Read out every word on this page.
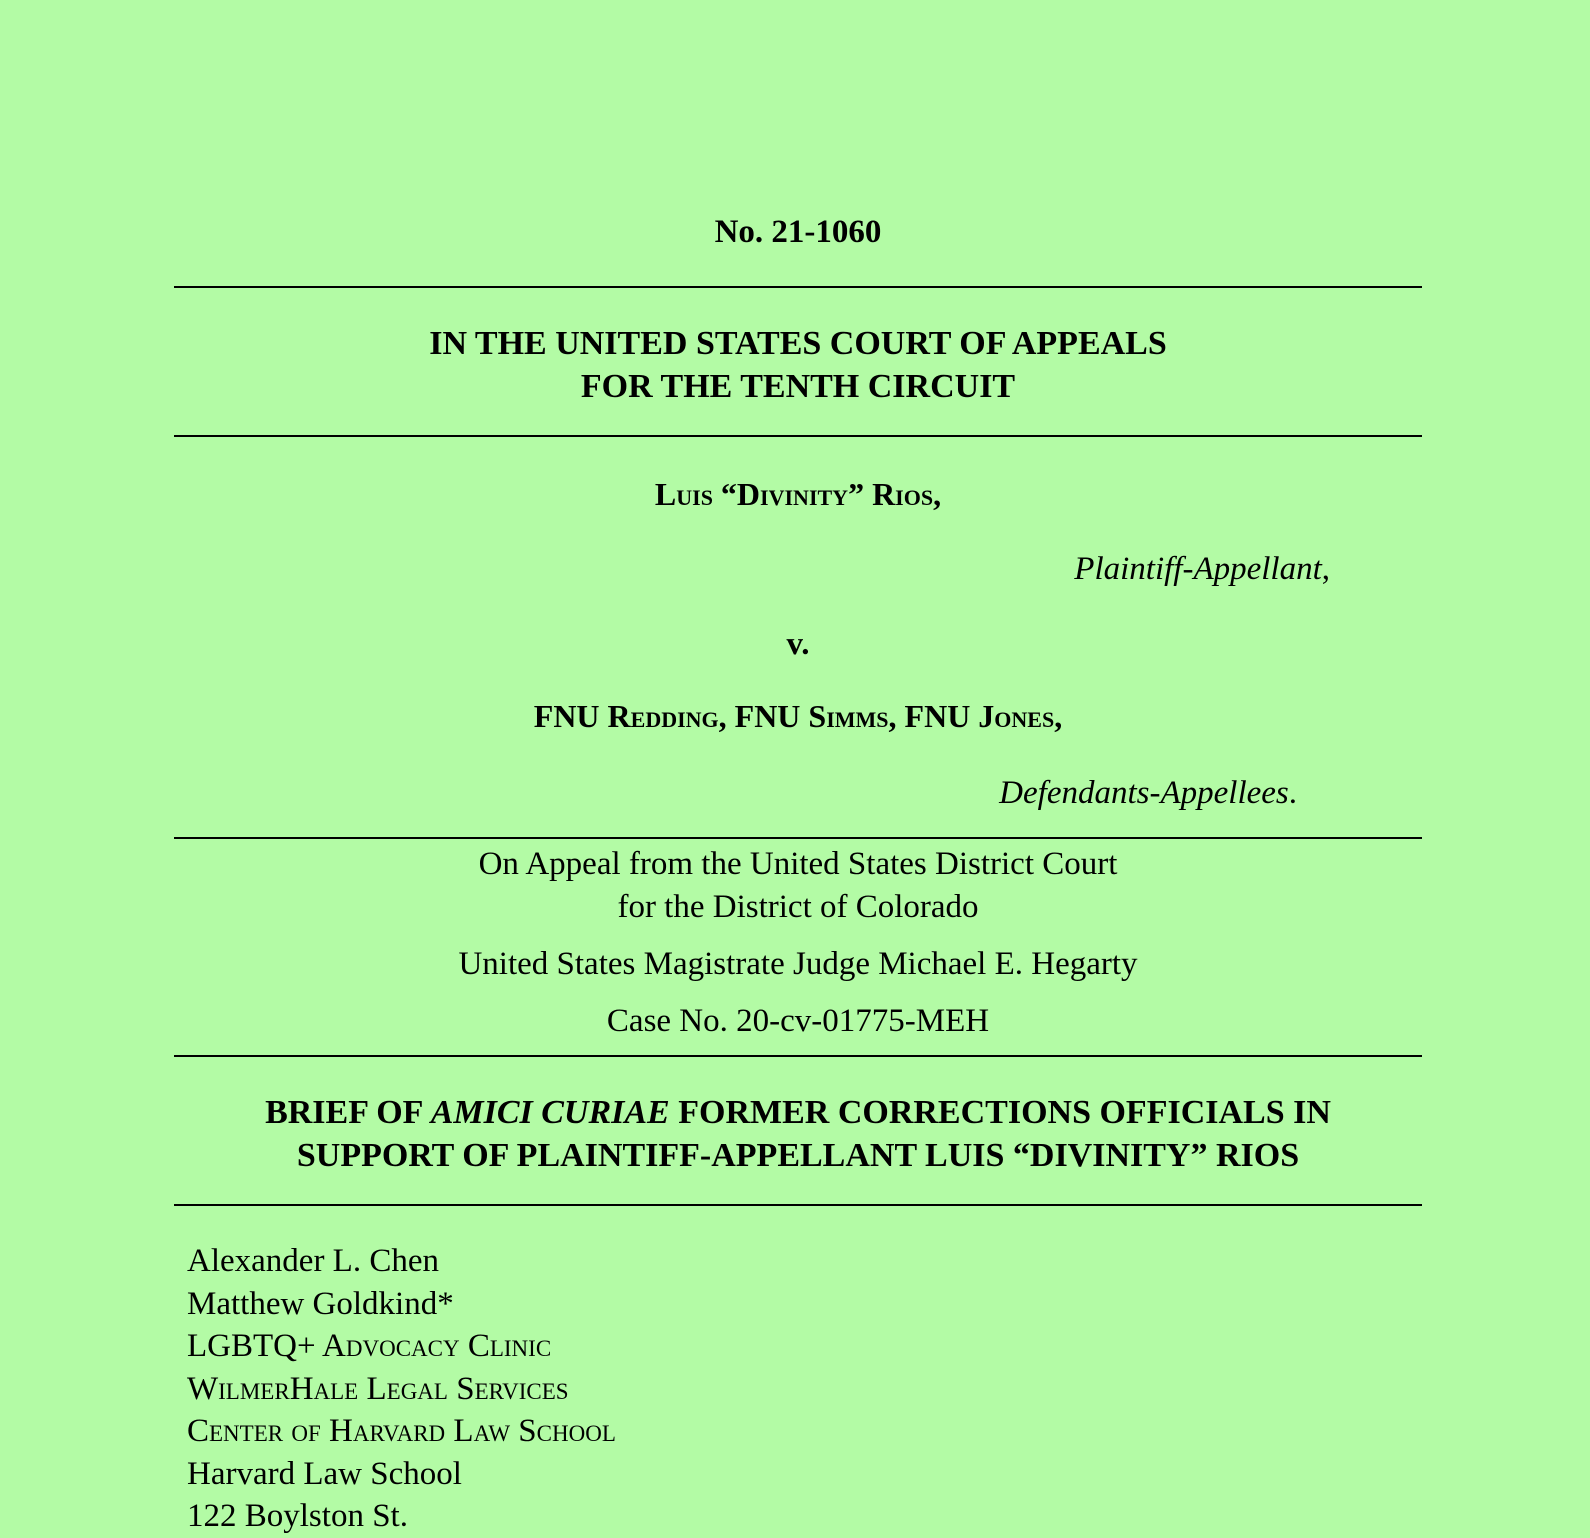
No. 21-1060
IN THE UNITED STATES COURT OF APPEALS
FOR THE TENTH CIRCUIT
Luis “Divinity” Rios,
Plaintiff-Appellant,
v.
FNU Redding, FNU Simms, FNU Jones,
Defendants-Appellees.
On Appeal from the United States District Court
for the District of Colorado
United States Magistrate Judge Michael E. Hegarty
Case No. 20-cv-01775-MEH
BRIEF OF AMICI CURIAE FORMER CORRECTIONS OFFICIALS IN
SUPPORT OF PLAINTIFF-APPELLANT LUIS “DIVINITY” RIOS
Alexander L. Chen
Matthew Goldkind*
LGBTQ+ Advocacy Clinic
WilmerHale Legal Services
Center of Harvard Law School
Harvard Law School
122 Boylston St.
